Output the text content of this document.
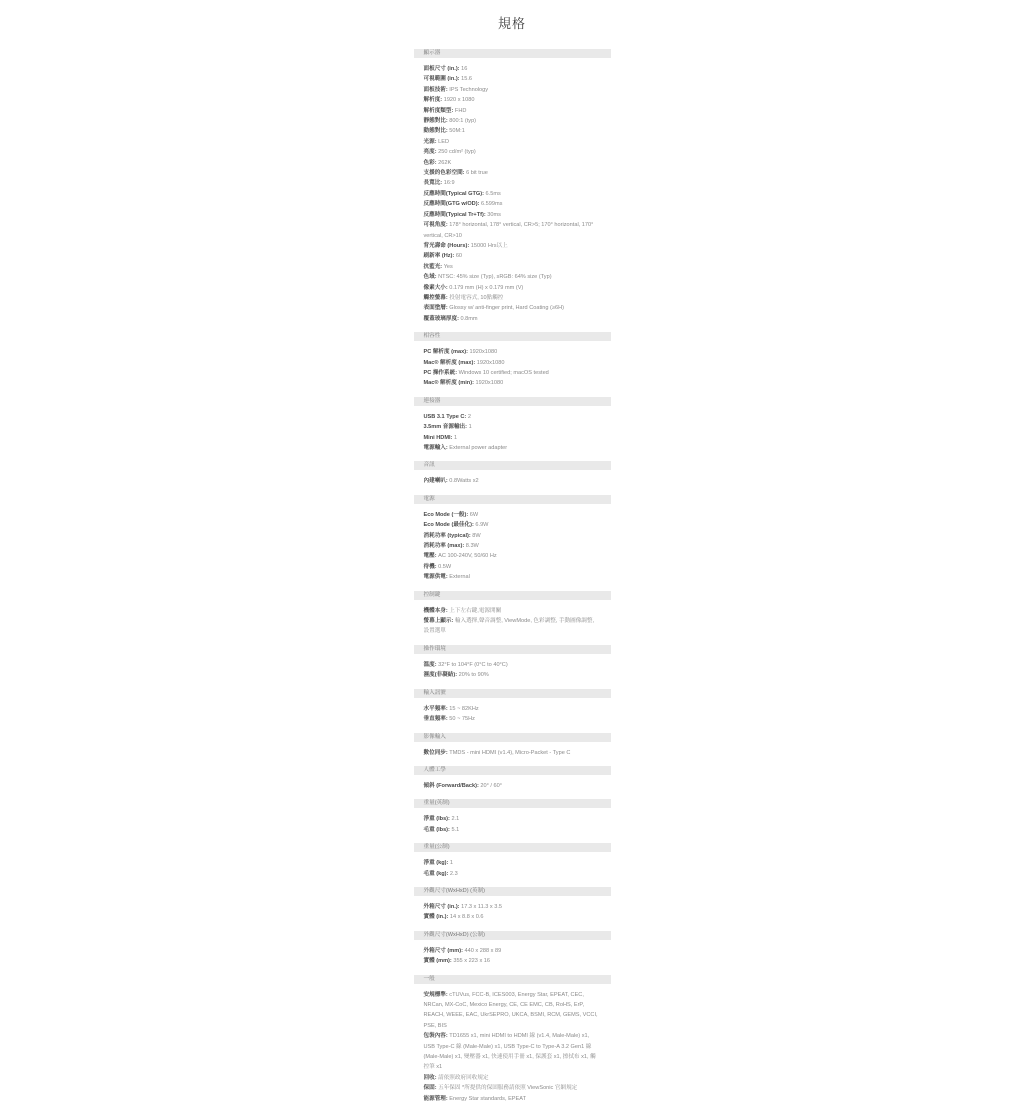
規格
顯示器
面板尺寸 (in.): 16
可視範圍 (in.): 15.6
面板技術: IPS Technology
解析度: 1920 x 1080
解析度類型: FHD
靜態對比: 800:1 (typ)
動態對比: 50M:1
光源: LED
亮度: 250 cd/m² (typ)
色彩: 262K
支援的色彩空間: 6 bit true
長寬比: 16:9
反應時間(Typical GTG): 6.5ms
反應時間(GTG w/OD): 6.599ms
反應時間(Typical Tr+Tf): 30ms
可視角度: 178° horizontal, 178° vertical, CR>5; 170° horizontal, 170° vertical, CR>10
背光壽命 (Hours): 15000 Hrs以上
刷新率 (Hz): 60
抗藍光: Yes
色域: NTSC: 45% size (Typ), sRGB: 64% size (Typ)
像素大小: 0.179 mm (H) x 0.179 mm (V)
觸控螢幕: 投射電容式, 10點觸控
表面塗層: Glossy w/ anti-finger print, Hard Coating (≥6H)
覆蓋玻璃厚度: 0.8mm
相容性
PC 解析度 (max): 1920x1080
Mac® 解析度 (max): 1920x1080
PC 操作系統: Windows 10 certified; macOS tested
Mac® 解析度 (min): 1920x1080
連接器
USB 3.1 Type C: 2
3.5mm 音源輸出: 1
Mini HDMI: 1
電源輸入: External power adapter
音訊
內建喇叭: 0.8Watts x2
電源
Eco Mode (一般): 6W
Eco Mode (最佳化): 6.9W
消耗功率 (typical): 8W
消耗功率 (max): 8.3W
電壓: AC 100-240V, 50/60 Hz
待機: 0.5W
電源供電: External
控制鍵
機體本身: 上下左右鍵,電源開關
螢幕上顯示: 輸入選擇,聲音調整, ViewMode, 色彩調整, 手動圖像調整, 設置選單
操作環境
溫度: 32°F to 104°F (0°C to 40°C)
濕度(非凝結): 20% to 90%
輸入訊號
水平頻率: 15 ~ 82KHz
垂直頻率: 50 ~ 75Hz
影像輸入
數位同步: TMDS - mini HDMI (v1.4), Micro-Packet - Type C
人體工學
傾斜 (Forward/Back): 20° / 60°
重量(英制)
淨重 (lbs): 2.1
毛重 (lbs): 5.1
重量(公制)
淨重 (kg): 1
毛重 (kg): 2.3
外觀尺寸(WxHxD) (英制)
外箱尺寸 (in.): 17.3 x 11.3 x 3.5
實體 (in.): 14 x 8.8 x 0.6
外觀尺寸(WxHxD) (公制)
外箱尺寸 (mm): 440 x 288 x 89
實體 (mm): 355 x 223 x 16
一般
安規標準: cTUVus, FCC-B, ICES003, Energy Star, EPEAT, CEC, NRCan, MX-CoC, Mexico Energy, CE, CE EMC, CB, RoHS, ErP, REACH, WEEE, EAC, UkrSEPRO, UKCA, BSMI, RCM, GEMS, VCCI, PSE, BIS
包裝內容: TD1655 x1, mini HDMI to HDMI 線 (v1.4, Male-Male) x1, USB Type-C 線 (Male-Male) x1, USB Type-C to Type-A 3.2 Gen1 線 (Male-Male) x1, 變壓器 x1, 快速使用手冊 x1, 保護套 x1, 擦拭布 x1, 觸控筆 x1
回收: 請依照政府回收規定
保固: 五年保固 *所提供的保固服務請依照 ViewSonic 官網規定
能源管理: Energy Star standards, EPEAT
